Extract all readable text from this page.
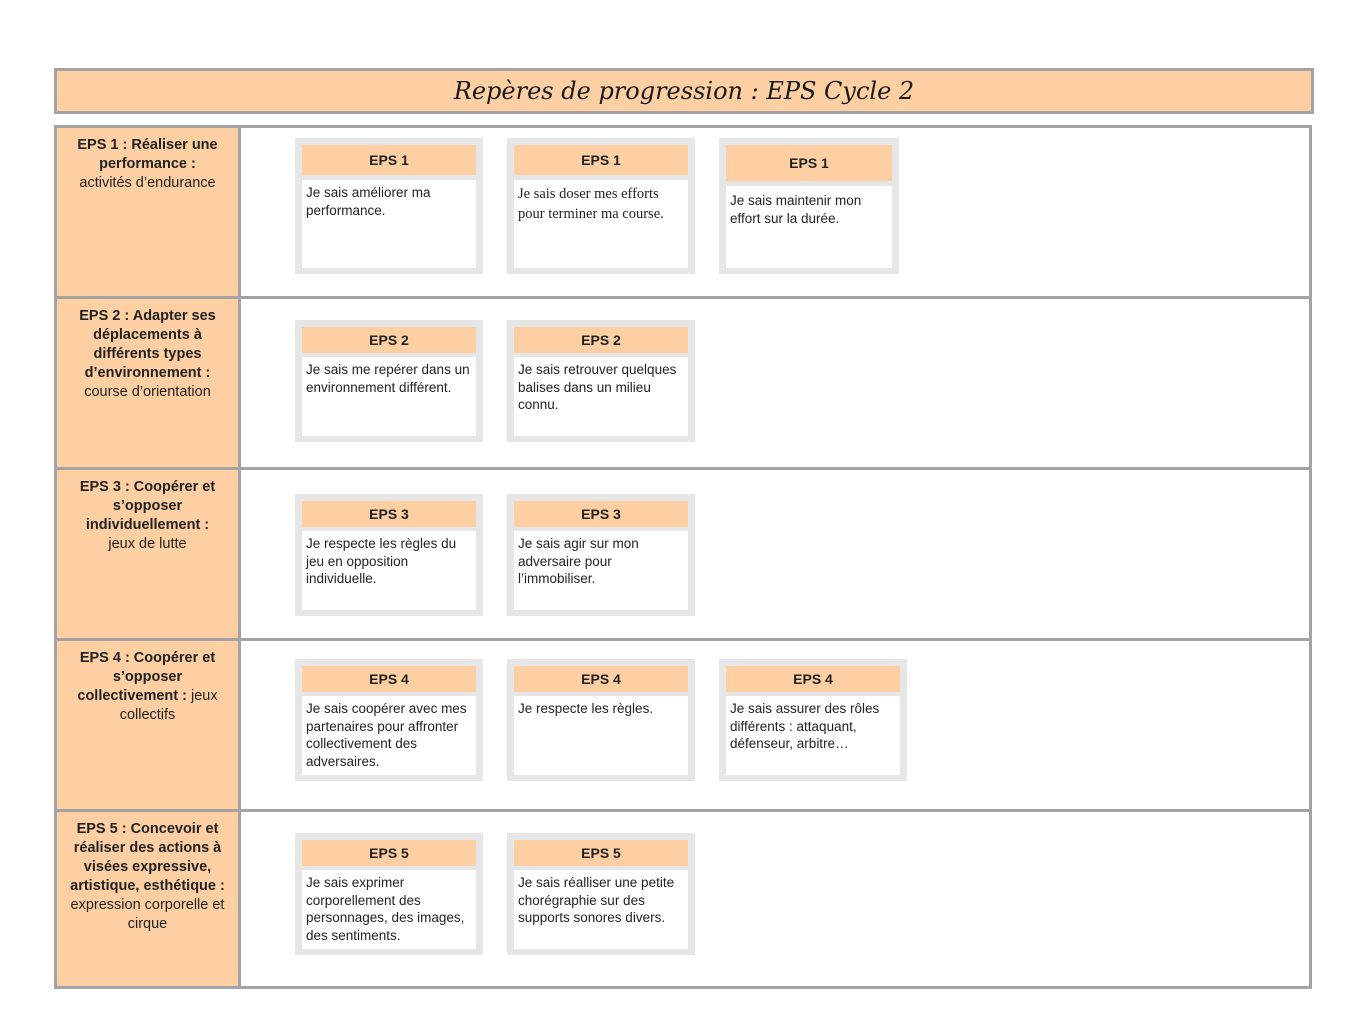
Repères de progression : EPS Cycle 2
EPS 1 : Réaliser une performance :
activités d’endurance
EPS 1
Je sais améliorer ma performance.
EPS 1
Je sais doser mes efforts pour terminer ma course.
EPS 1
Je sais maintenir mon effort sur la durée.
EPS 2 : Adapter ses déplacements à différents types d’environnement :
course d’orientation
EPS 2
Je sais me repérer dans un environnement différent.
EPS 2
Je sais retrouver quelques balises dans un milieu connu.
EPS 3 : Coopérer et s’opposer individuellement :
jeux de lutte
EPS 3
Je respecte les règles du jeu en opposition individuelle.
EPS 3
Je sais agir sur mon adversaire pour l’immobiliser.
EPS 4 : Coopérer et s’opposer collectivement : jeux collectifs
EPS 4
Je sais coopérer avec mes partenaires pour affronter collectivement des adversaires.
EPS 4
Je respecte les règles.
EPS 4
Je sais assurer des rôles différents : attaquant, défenseur, arbitre…
EPS 5 : Concevoir et réaliser des actions à visées expressive, artistique, esthétique :
expression corporelle et cirque
EPS 5
Je sais exprimer corporellement des personnages, des images, des sentiments.
EPS 5
Je sais réalliser une petite chorégraphie sur des supports sonores divers.
